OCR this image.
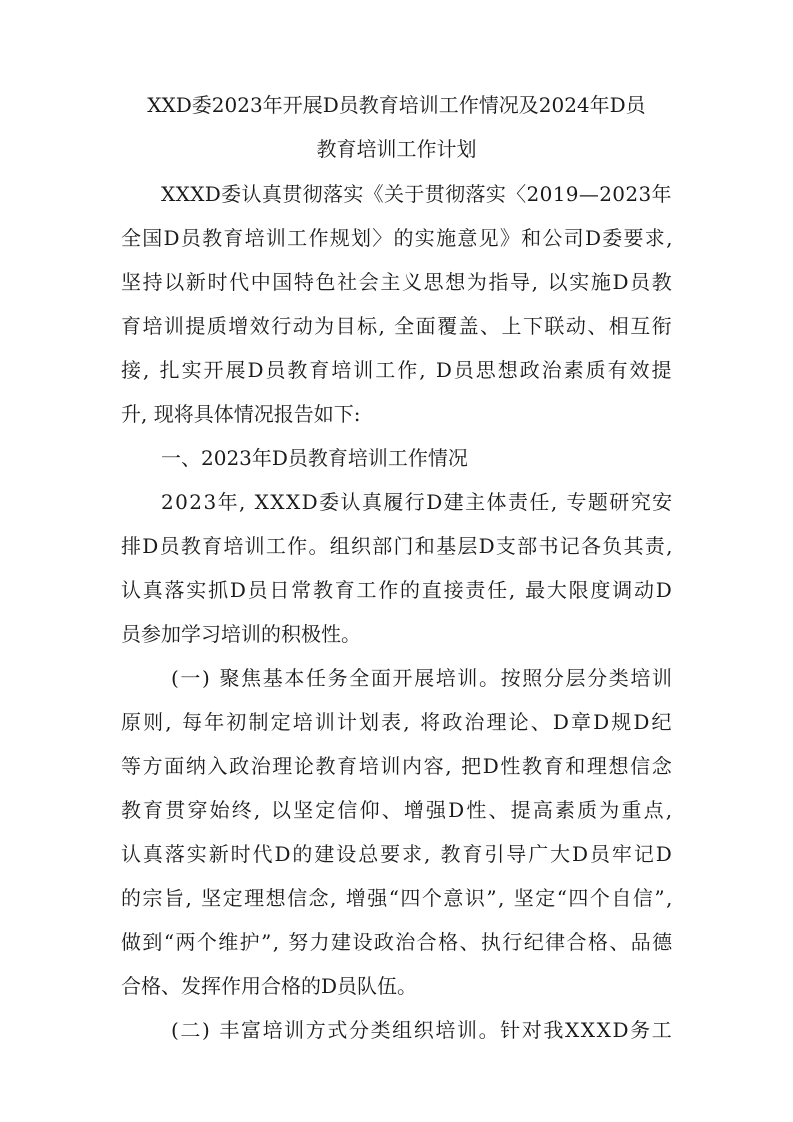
XXD委2023年开展D员教育培训工作情况及2024年D员
教育培训工作计划
XXXD委认真贯彻落实《关于贯彻落实〈2019—2023年
全国D员教育培训工作规划〉的实施意见》和公司D委要求,
坚持以新时代中国特色社会主义思想为指导, 以实施D员教
育培训提质增效行动为目标, 全面覆盖、上下联动、相互衔
接, 扎实开展D员教育培训工作, D员思想政治素质有效提
升, 现将具体情况报告如下:
一、2023年D员教育培训工作情况
2023年, XXXD委认真履行D建主体责任, 专题研究安
排D员教育培训工作。组织部门和基层D支部书记各负其责,
认真落实抓D员日常教育工作的直接责任, 最大限度调动D
员参加学习培训的积极性。
(一) 聚焦基本任务全面开展培训。按照分层分类培训
原则, 每年初制定培训计划表, 将政治理论、D章D规D纪
等方面纳入政治理论教育培训内容, 把D性教育和理想信念
教育贯穿始终, 以坚定信仰、增强D性、提高素质为重点,
认真落实新时代D的建设总要求, 教育引导广大D员牢记D
的宗旨, 坚定理想信念, 增强“四个意识”, 坚定“四个自信”,
做到“两个维护”, 努力建设政治合格、执行纪律合格、品德
合格、发挥作用合格的D员队伍。
(二) 丰富培训方式分类组织培训。针对我XXXD务工
